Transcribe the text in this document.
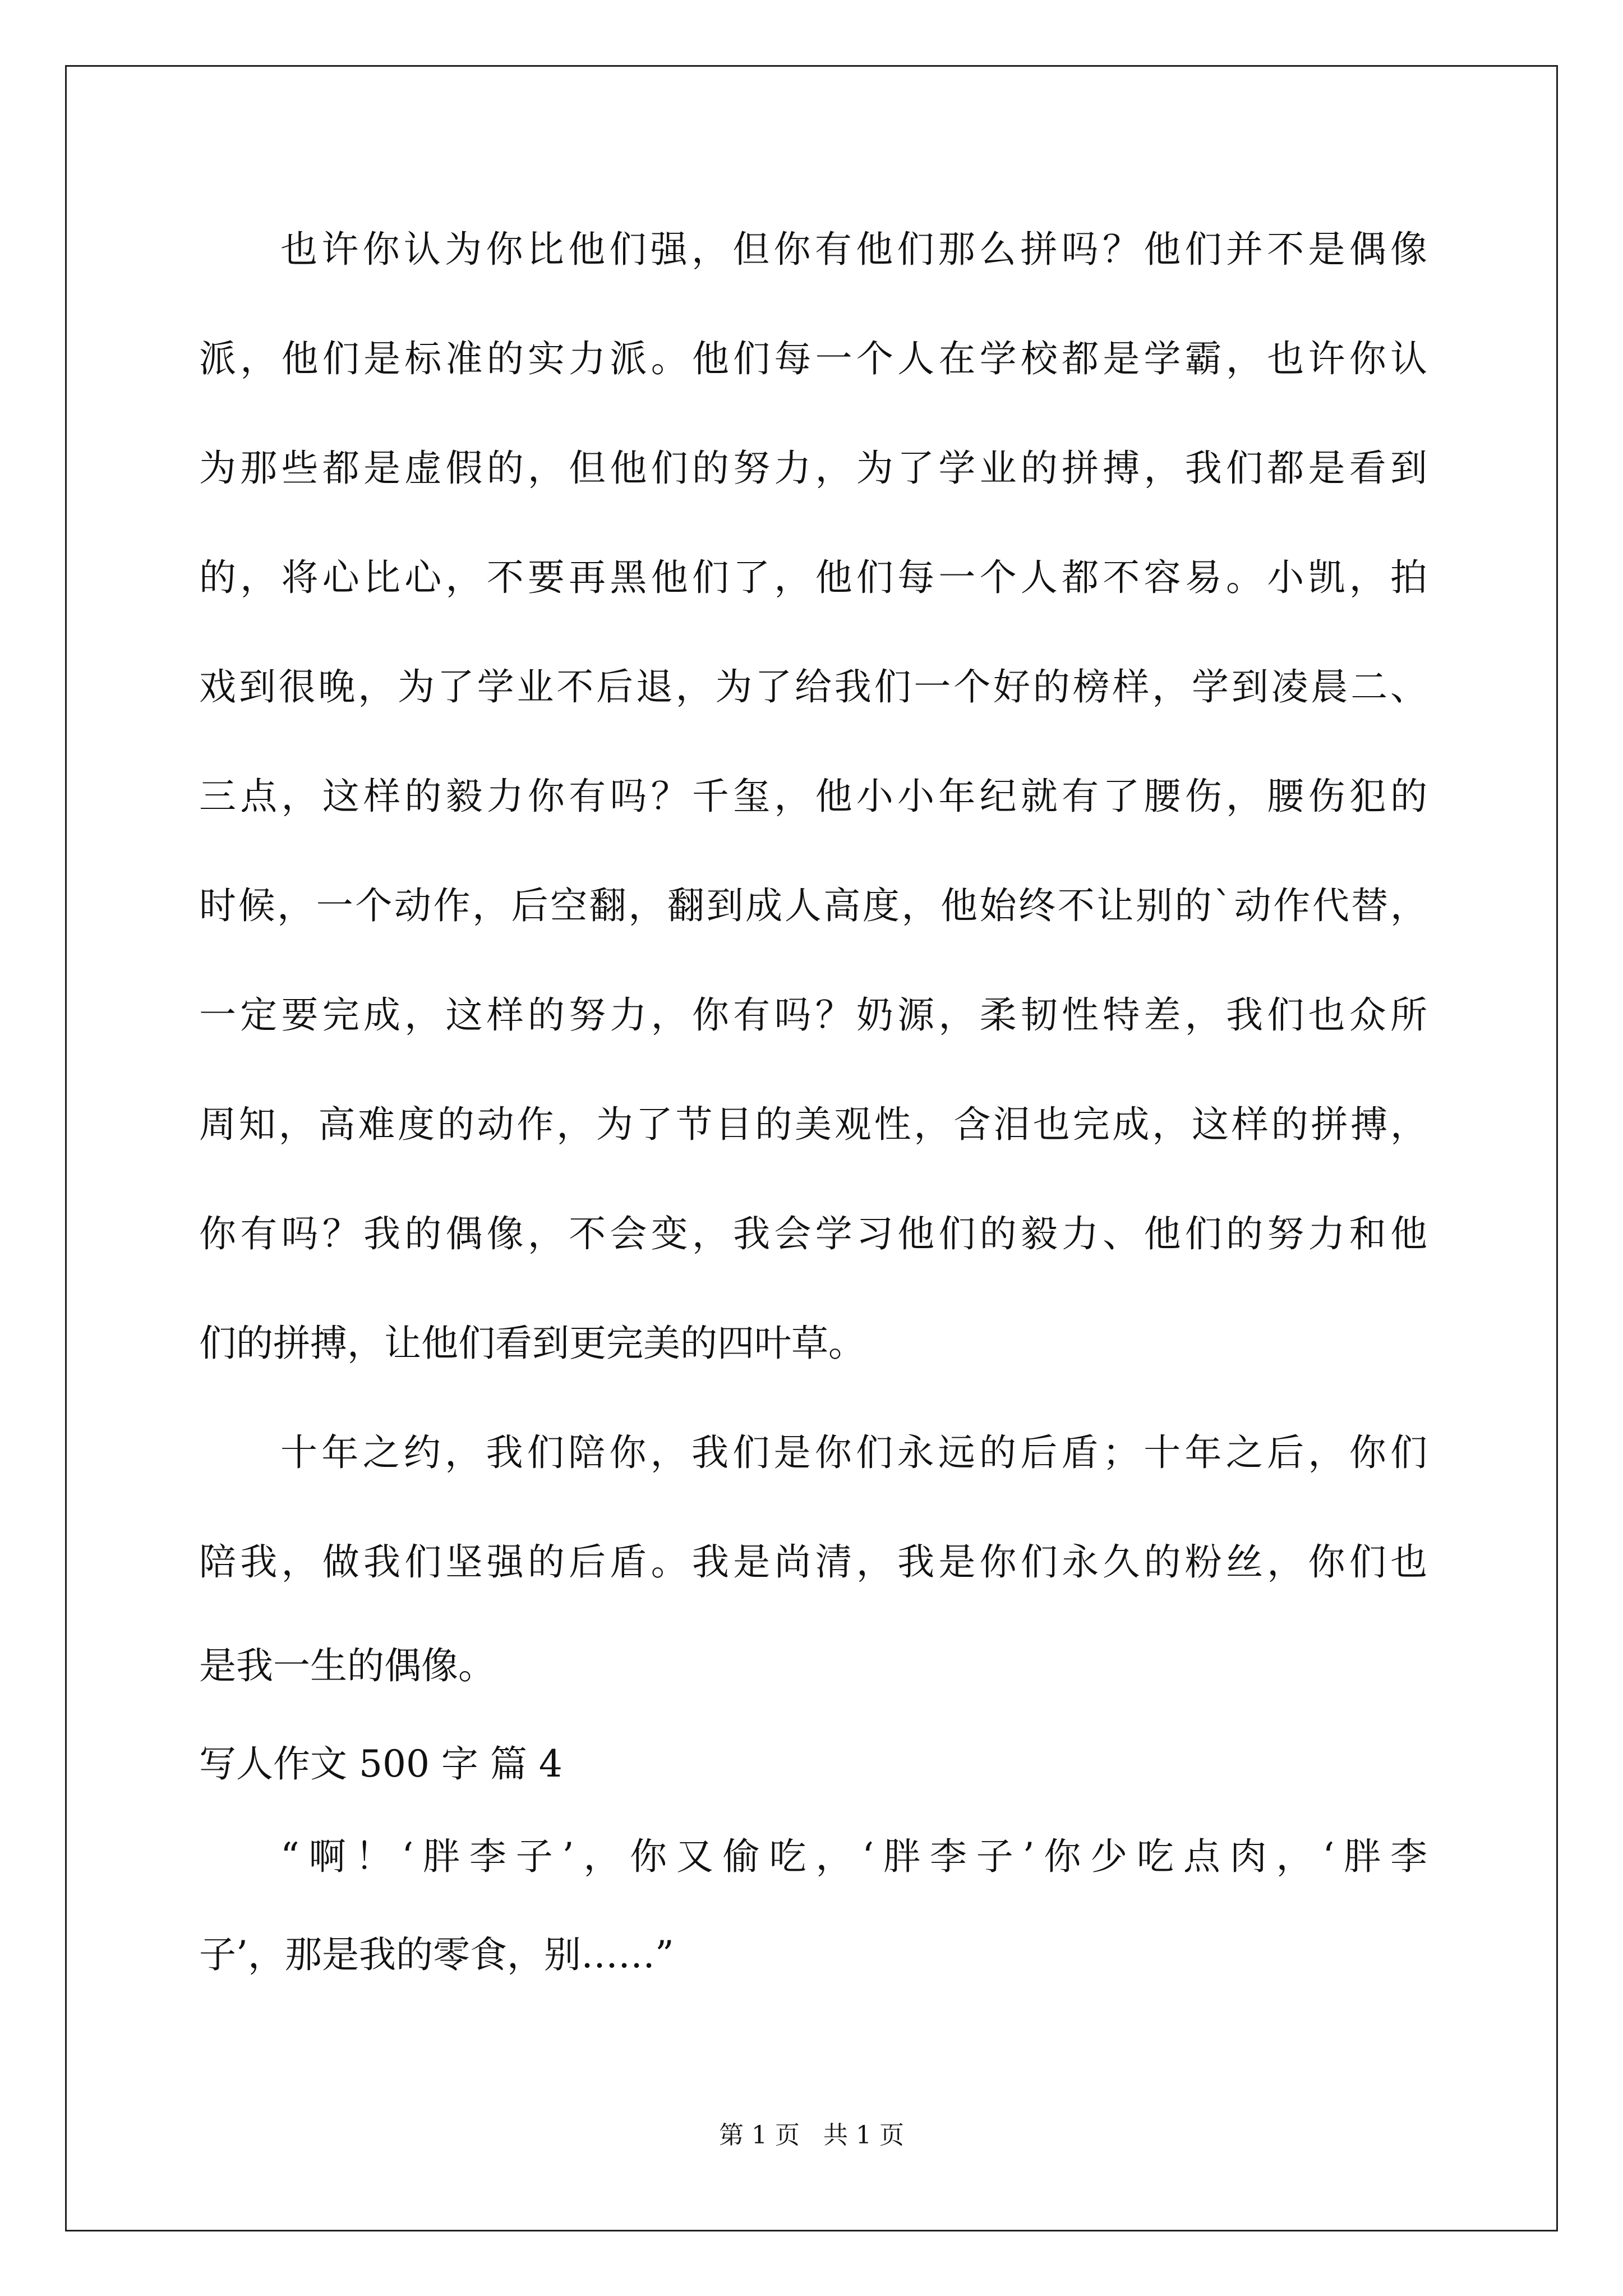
也许你认为你比他们强，但你有他们那么拼吗？他们并不是偶像
派，他们是标准的实力派。他们每一个人在学校都是学霸，也许你认
为那些都是虚假的，但他们的努力，为了学业的拼搏，我们都是看到
的，将心比心，不要再黑他们了，他们每一个人都不容易。小凯，拍
戏到很晚，为了学业不后退，为了给我们一个好的榜样，学到凌晨二、
三点，这样的毅力你有吗？千玺，他小小年纪就有了腰伤，腰伤犯的
时候，一个动作，后空翻，翻到成人高度，他始终不让别的`动作代替，
一定要完成，这样的努力，你有吗？奶源，柔韧性特差，我们也众所
周知，高难度的动作，为了节目的美观性，含泪也完成，这样的拼搏，
你有吗？我的偶像，不会变，我会学习他们的毅力、他们的努力和他
们的拼搏，让他们看到更完美的四叶草。
十年之约，我们陪你，我们是你们永远的后盾；十年之后，你们
陪我，做我们坚强的后盾。我是尚清，我是你们永久的粉丝，你们也
是我一生的偶像。
写人作文 500 字 篇 4
“啊！‘胖李子’，你又偷吃，‘胖李子’你少吃点肉，‘胖李
子’，那是我的零食，别……”
第 1 页   共 1 页
